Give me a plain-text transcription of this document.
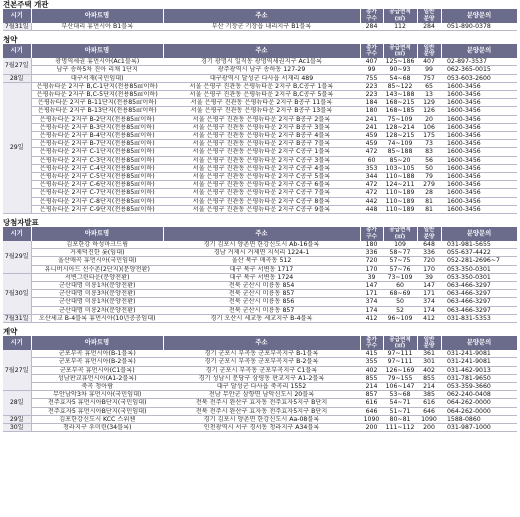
견본주택 개관
시기	아파트명	주소	총가
구수	공급면적
(㎡)	일반
분양	분양문의
7월31일	부산대리 휴먼시아 B1블록	부산 기장군 기장읍 내리지구 B1블록	284	112	284	051-890-0378
청약
시기	아파트명	주소	총가
구수	공급면적
(㎡)	일반
분양	분양문의
7월27일	광명역세권 휴먼시아(Ac1블록)	경기 광명시 일직동 광명역세권지구 Ac1블록	407	125~186	407	02-897-3537
	남구 송하5차 진아 리채 1단지	광주광역시 남구 송하동 127-29	99	90~93	99	062-365-0015
28일	대구서재(국민임대)	대구광역시 달성군 다사읍 서재리 489	755	54~68	757	053-603-2600
29일	은평뉴타운 2지구 B,C-1단지(전용85㎡이하)	서울 은평구 진관동 은평뉴타운 2지구 B,C공구 1블록	223	85~122	65	1600-3456
	은평뉴타운 2지구 B,C-5단지(전용85㎡이하)	서울 은평구 진관동 은평뉴타운 2지구 B,C공구 5블록	223	143~188	13	1600-3456
	은평뉴타운 2지구 B-11단지(전용85㎡이하)	서울 은평구 진관동 은평뉴타운 2지구 B공구 11블록	184	168~215	129	1600-3456
	은평뉴타운 2지구 B-13단지(전용85㎡이하)	서울 은평구 진관동 은평뉴타운 2지구 B공구 13블록	180	168~185	126	1600-3456
	은평뉴타운 2지구 B-2단지(전용85㎡이하)	서울 은평구 진관동 은평뉴타운 2지구 B공구 2블록	241	75~109	20	1600-3456
	은평뉴타운 2지구 B-3단지(전용85㎡이하)	서울 은평구 진관동 은평뉴타운 2지구 B공구 3블록	241	128~214	106	1600-3456
	은평뉴타운 2지구 B-4단지(전용85㎡이하)	서울 은평구 진관동 은평뉴타운 2지구 B공구 4블록	459	128~215	175	1600-3456
	은평뉴타운 2지구 B-7단지(전용85㎡이하)	서울 은평구 진관동 은평뉴타운 2지구 B공구 7블록	459	74~109	73	1600-3456
	은평뉴타운 2지구 C-1단지(전용85㎡이하)	서울 은평구 진관동 은평뉴타운 2지구 C공구 1블록	472	85~188	83	1600-3456
	은평뉴타운 2지구 C-3단지(전용85㎡이하)	서울 은평구 진관동 은평뉴타운 2지구 C공구 3블록	60	85~20	56	1600-3456
	은평뉴타운 2지구 C-4단지(전용85㎡이하)	서울 은평구 진관동 은평뉴타운 2지구 C공구 4블록	353	103~105	50	1600-3456
	은평뉴타운 2지구 C-5단지(전용85㎡이하)	서울 은평구 진관동 은평뉴타운 2지구 C공구 5블록	344	110~188	79	1600-3456
	은평뉴타운 2지구 C-6단지(전용85㎡이하)	서울 은평구 진관동 은평뉴타운 2지구 C공구 6블록	472	124~211	279	1600-3456
	은평뉴타운 2지구 C-7단지(전용85㎡이하)	서울 은평구 진관동 은평뉴타운 2지구 C공구 7블록	472	110~189	28	1600-3456
	은평뉴타운 2지구 C-8단지(전용85㎡이하)	서울 은평구 진관동 은평뉴타운 2지구 C공구 8블록	442	110~189	81	1600-3456
	은평뉴타운 2지구 C-9단지(전용85㎡이하)	서울 은평구 진관동 은평뉴타운 2지구 C공구 9블록	448	110~189	81	1600-3456
당첨자발표
시기	아파트명	주소	총가
구수	공급면적
(㎡)	일반
분양	분양문의
7월29일	김포한강 하성마크드림	경기 김포시 양촌면 한강신도시 Ab-16블록	180	109	648	031-981-5655
	거제덕진한 롯(임대)	경남 거제시 거제면 지석리 1224-1	336	58~77	336	055-637-4422
	울산매곡 휴먼시아(국민임대)	울산 북구 매곡동 512	720	57~75	720	052-281-2696~7
	유니버시아드 선수촌(2단지)(분양전환)	대구 북구 서변동 1717	170	57~76	170	053-350-0301
7월30일	서변그린타운(분양전환)	대구 북구 서변동 1724	39	73~109	39	053-350-0301
	군산대명 미룡1차(분양전환)	전북 군산시 미룡동 854	147	60	147	063-466-3297
	군산대명 미룡3차(분양전환)	전북 군산시 미룡동 857	171	68~69	171	063-466-3297
	군산대명 미룡1차(분양전환)	전북 군산시 미룡동 856	374	50	374	063-466-3297
	군산대명 미룡2차(분양전환)	전북 군산시 미룡동 857	174	52	174	063-466-3297
7월31일	오산세교 B-4블록 휴먼시아(10년공공임대)	경기 오산시 세교동 세교지구 B-4블록	412	96~109	412	031-831-5353
계약
시기	아파트명	주소	총가
구수	공급면적
(㎡)	일반
분양	분양문의
7월27일	군포부곡 휴먼시아(B-1블록)	경기 군포시 부곡동 군포부곡지구 B-1블록	415	97~111	361	031-241-9081
	군포부곡 휴먼시아(B-2블록)	경기 군포시 부곡동 군포부곡지구 B-2블록	355	97~111	301	031-241-9081
	군포부곡 휴먼시아(C1블록)	경기 군포시 부곡동 군포부곡지구 C1블록	402	126~169	402	031-462-9013
	성남판교휴먼시아(A1-2블록)	경기 성남시 분당구 삼평동 판교지구 A1-2블록	855	79~155	855	031-781-9650
	죽곡 청아람	대구 달성군 다사읍 죽곡리 1552	214	106~147	214	053-359-3660
28일	무안남악3차 휴먼시아(국민임대)	전남 무안군 삼향면 남악신도시 20블록	857	53~68	385	062-240-0408
	전주효자5 휴먼시아B단지(국민임대)	전북 전주시 완산구 효자동 전주효자5지구 B단지	616	54~71	616	064-262-0000
	전주효자5 휴먼시아B단지(국민임대)	전북 전주시 완산구 효자동 전주효자5지구 B단지	646	51~71	646	064-262-0000
29일	김포한강신도시 KCC 스위첸	경기 김포시 양촌면 한강신도시 Aa-08블록	1090	80~81	1090	1588-0860
30일	청라지구 우미린(34블록)	인천광역시 서구 경서동 청라지구 A34블록	200	111~112	200	031-987-1000
